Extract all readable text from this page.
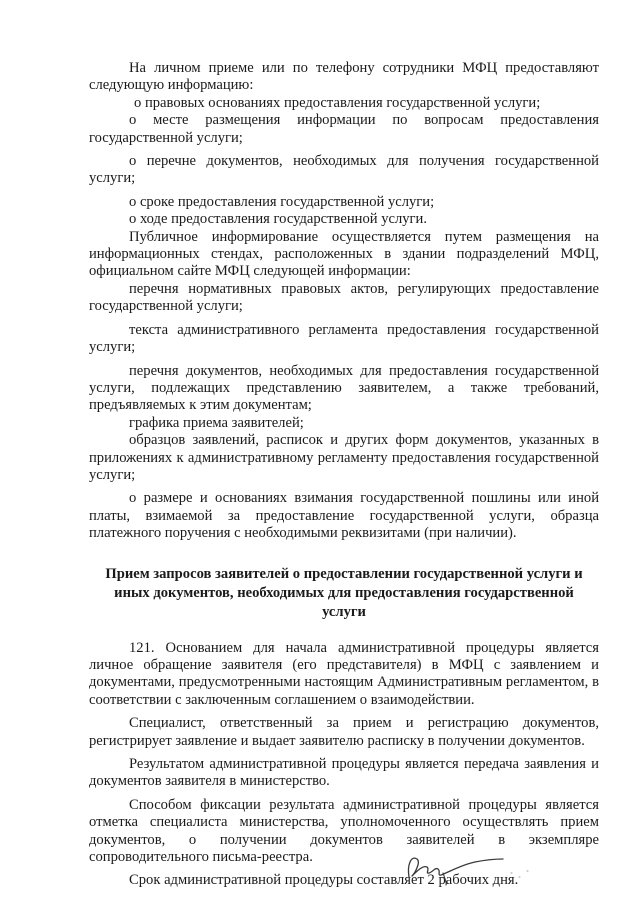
На личном приеме или по телефону сотрудники МФЦ предоставляют следующую информацию:

о правовых основаниях предоставления государственной услуги;

о месте размещения информации по вопросам предоставления государственной услуги;

о перечне документов, необходимых для получения государственной услуги;

о сроке предоставления государственной услуги;

о ходе предоставления государственной услуги.

Публичное информирование осуществляется путем размещения на информационных стендах, расположенных в здании подразделений МФЦ, официальном сайте МФЦ следующей информации:

перечня нормативных правовых актов, регулирующих предоставление государственной услуги;

текста административного регламента предоставления государственной услуги;

перечня документов, необходимых для предоставления государственной услуги, подлежащих представлению заявителем, а также требований, предъявляемых к этим документам;

графика приема заявителей;

образцов заявлений, расписок и других форм документов, указанных в приложениях к административному регламенту предоставления государственной услуги;

о размере и основаниях взимания государственной пошлины или иной платы, взимаемой за предоставление государственной услуги, образца платежного поручения с необходимыми реквизитами (при наличии).

Прием запросов заявителей о предоставлении государственной услуги и иных документов, необходимых для предоставления государственной услуги

121. Основанием для начала административной процедуры является личное обращение заявителя (его представителя) в МФЦ с заявлением и документами, предусмотренными настоящим Административным регламентом, в соответствии с заключенным соглашением о взаимодействии.

Специалист, ответственный за прием и регистрацию документов, регистрирует заявление и выдает заявителю расписку в получении документов.

Результатом административной процедуры является передача заявления и документов заявителя в министерство.

Способом фиксации результата административной процедуры является отметка специалиста министерства, уполномоченного осуществлять прием документов, о получении документов заявителей в экземпляре сопроводительного письма-реестра.

Срок административной процедуры составляет 2 рабочих дня.
